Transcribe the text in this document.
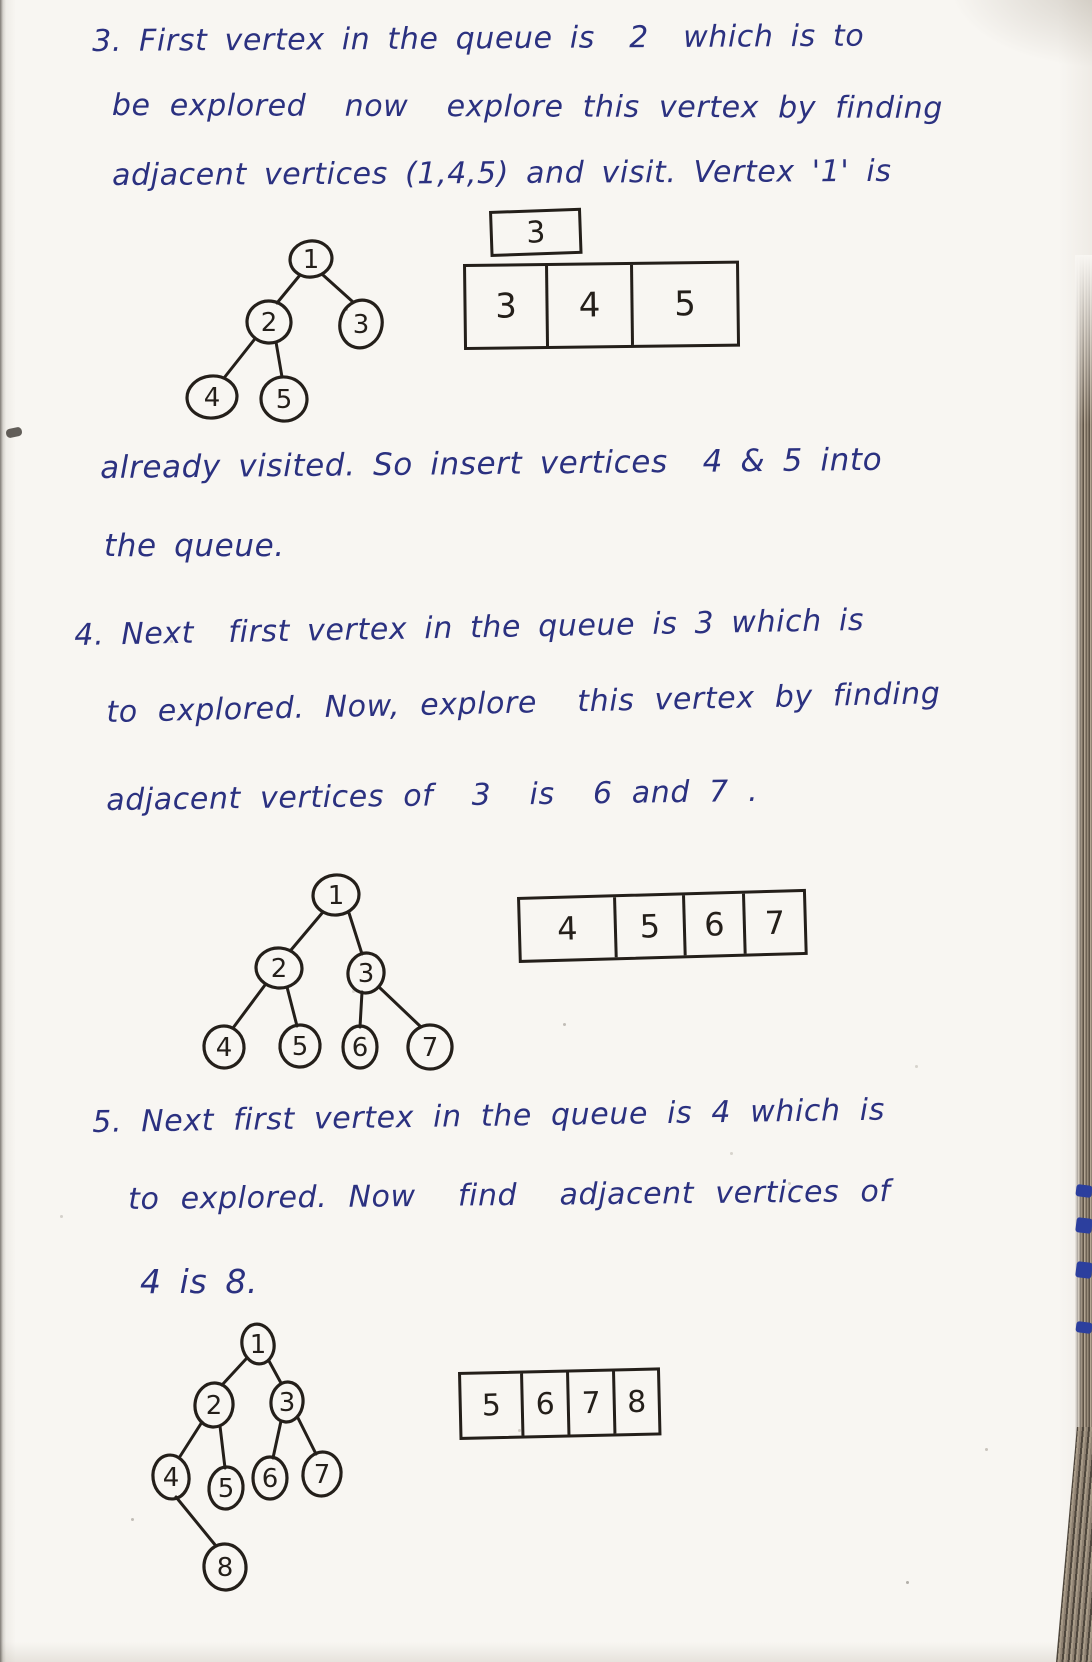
3. First vertex in the queue is  2  which is to
be explored  now  explore this vertex by finding
adjacent vertices (1,4,5) and visit. Vertex '1' is
1
2	3
4 5
3
3	4	5
already visited. So insert vertices  4 & 5 into
the queue.
4. Next  first vertex in the queue is 3 which is
to explored. Now, explore  this vertex by finding
adjacent vertices of  3  is  6 and 7 .
1
2	3
4 5 6 7
4	5	6	7
5. Next first vertex in the queue is 4 which is
to explored. Now  find  adjacent vertices of
4 is 8.
1
2 3
4 5 6 7
8
5	6 7 8
